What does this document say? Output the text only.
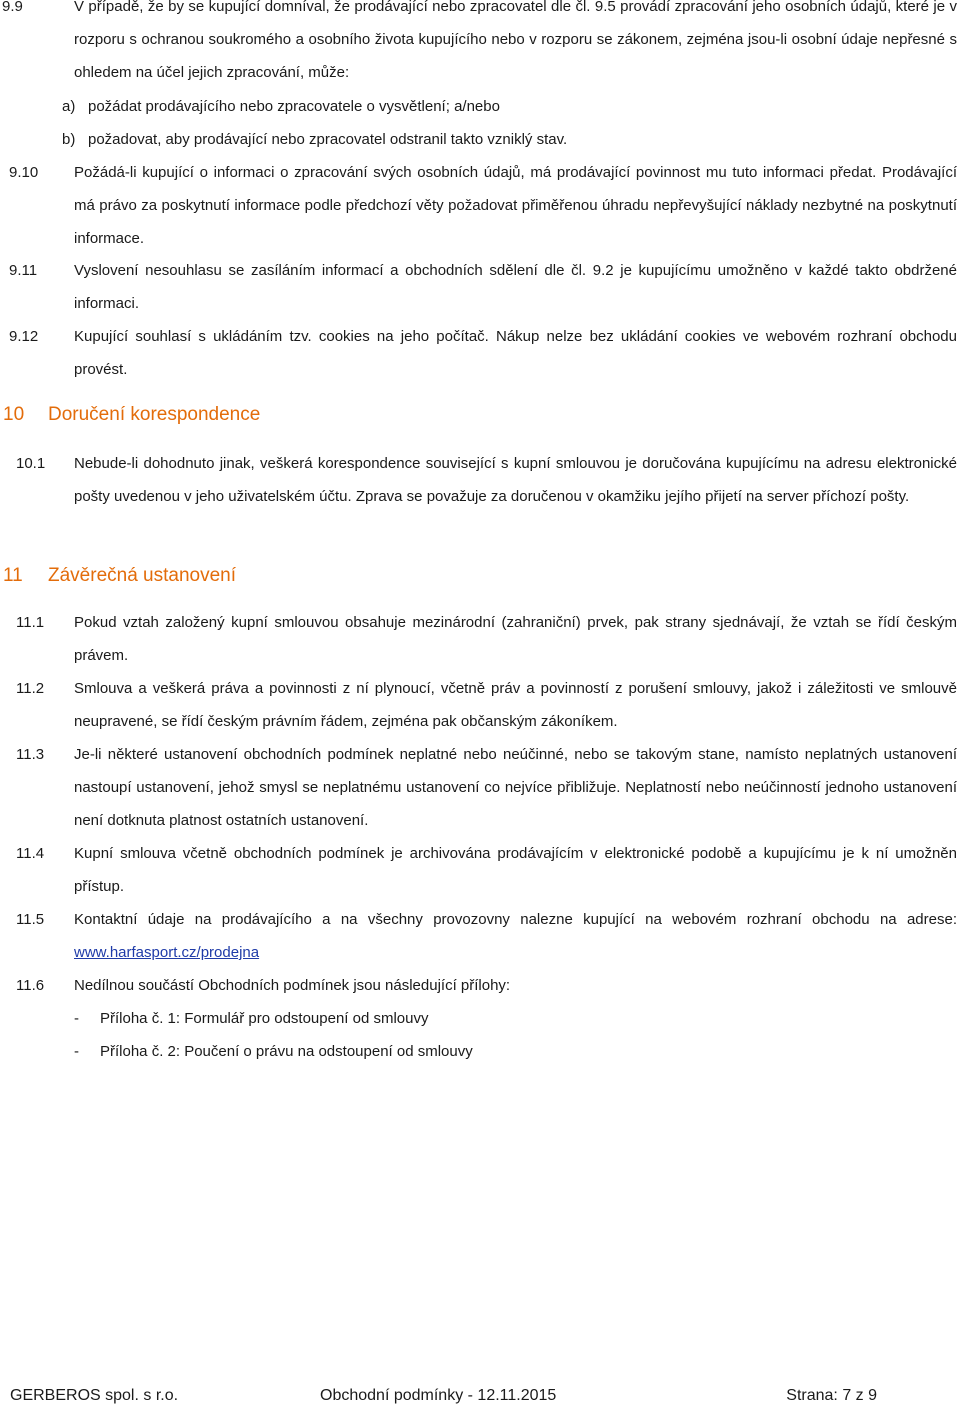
9.9	V případě, že by se kupující domníval, že prodávající nebo zpracovatel dle čl. 9.5 provádí zpracování jeho osobních údajů, které je v rozporu s ochranou soukromého a osobního života kupujícího nebo v rozporu se zákonem, zejména jsou-li osobní údaje nepřesné s ohledem na účel jejich zpracování, může:
a) požádat prodávajícího nebo zpracovatele o vysvětlení; a/nebo
b) požadovat, aby prodávající nebo zpracovatel odstranil takto vzniklý stav.
9.10 Požádá-li kupující o informaci o zpracování svých osobních údajů, má prodávající povinnost mu tuto informaci předat. Prodávající má právo za poskytnutí informace podle předchozí věty požadovat přiměřenou úhradu nepřevyšující náklady nezbytné na poskytnutí informace.
9.11 Vyslovení nesouhlasu se zasíláním informací a obchodních sdělení dle čl. 9.2 je kupujícímu umožněno v každé takto obdržené informaci.
9.12 Kupující souhlasí s ukládáním tzv. cookies na jeho počítač. Nákup nelze bez ukládání cookies ve webovém rozhraní obchodu provést.
10 Doručení korespondence
10.1 Nebude-li dohodnuto jinak, veškerá korespondence související s kupní smlouvou je doručována kupujícímu na adresu elektronické pošty uvedenou v jeho uživatelském účtu. Zprava se považuje za doručenou v okamžiku jejího přijetí na server příchozí pošty.
11 Závěrečná ustanovení
11.1 Pokud vztah založený kupní smlouvou obsahuje mezinárodní (zahraniční) prvek, pak strany sjednávají, že vztah se řídí českým právem.
11.2 Smlouva a veškerá práva a povinnosti z ní plynoucí, včetně práv a povinností z porušení smlouvy, jakož i záležitosti ve smlouvě neupravené, se řídí českým právním řádem, zejména pak občanským zákoníkem.
11.3 Je-li některé ustanovení obchodních podmínek neplatné nebo neúčinné, nebo se takovým stane, namísto neplatných ustanovení nastoupí ustanovení, jehož smysl se neplatnému ustanovení co nejvíce přibližuje. Neplatností nebo neúčinností jednoho ustanovení není dotknuta platnost ostatních ustanovení.
11.4 Kupní smlouva včetně obchodních podmínek je archivována prodávajícím v elektronické podobě a kupujícímu je k ní umožněn přístup.
11.5 Kontaktní údaje na prodávajícího a na všechny provozovny nalezne kupující na webovém rozhraní obchodu na adrese: www.harfasport.cz/prodejna
11.6 Nedílnou součástí Obchodních podmínek jsou následující přílohy:
- Příloha č. 1: Formulář pro odstoupení od smlouvy
- Příloha č. 2: Poučení o právu na odstoupení od smlouvy
GERBEROS spol. s r.o.	Obchodní podmínky - 12.11.2015	Strana: 7 z 9
